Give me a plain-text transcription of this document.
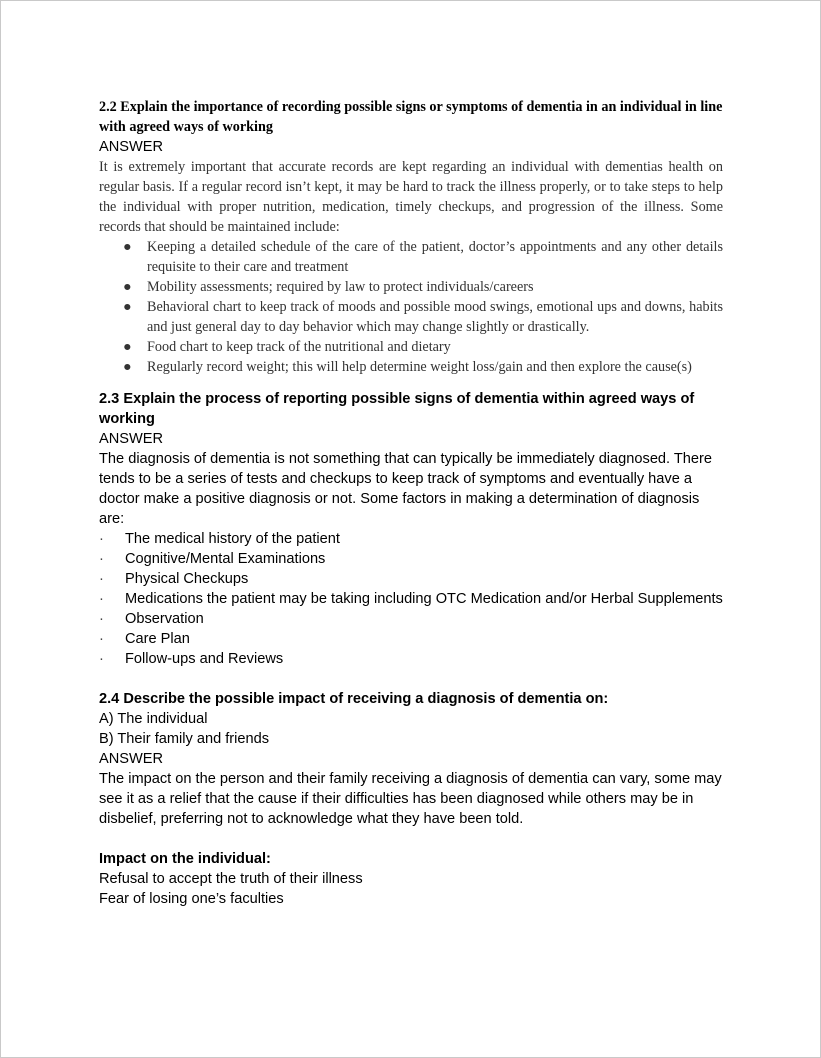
2.2 Explain the importance of recording possible signs or symptoms of dementia in an individual in line with agreed ways of working

ANSWER

It is extremely important that accurate records are kept regarding an individual with dementias health on regular basis. If a regular record isn’t kept, it may be hard to track the illness properly, or to take steps to help the individual with proper nutrition, medication, timely checkups, and progression of the illness. Some records that should be maintained include:

●	Keeping a detailed schedule of the care of the patient, doctor’s appointments and any other details requisite to their care and treatment
●	Mobility assessments; required by law to protect individuals/careers
●	Behavioral chart to keep track of moods and possible mood swings, emotional ups and downs, habits and just general day to day behavior which may change slightly or drastically.
●	Food chart to keep track of the nutritional and dietary
●	Regularly record weight; this will help determine weight loss/gain and then explore the cause(s)

2.3 Explain the process of reporting possible signs of dementia within agreed ways of working

ANSWER

The diagnosis of dementia is not something that can typically be immediately diagnosed. There tends to be a series of tests and checkups to keep track of symptoms and eventually have a doctor make a positive diagnosis or not. Some factors in making a determination of diagnosis are:

· The medical history of the patient
· Cognitive/Mental Examinations
· Physical Checkups
· Medications the patient may be taking including OTC Medication and/or Herbal Supplements
· Observation
· Care Plan
· Follow-ups and Reviews

2.4 Describe the possible impact of receiving a diagnosis of dementia on:

A) The individual

B) Their family and friends

ANSWER

The impact on the person and their family receiving a diagnosis of dementia can vary, some may see it as a relief that the cause if their difficulties has been diagnosed while others may be in disbelief, preferring not to acknowledge what they have been told.

Impact on the individual:

Refusal to accept the truth of their illness

Fear of losing one’s faculties
